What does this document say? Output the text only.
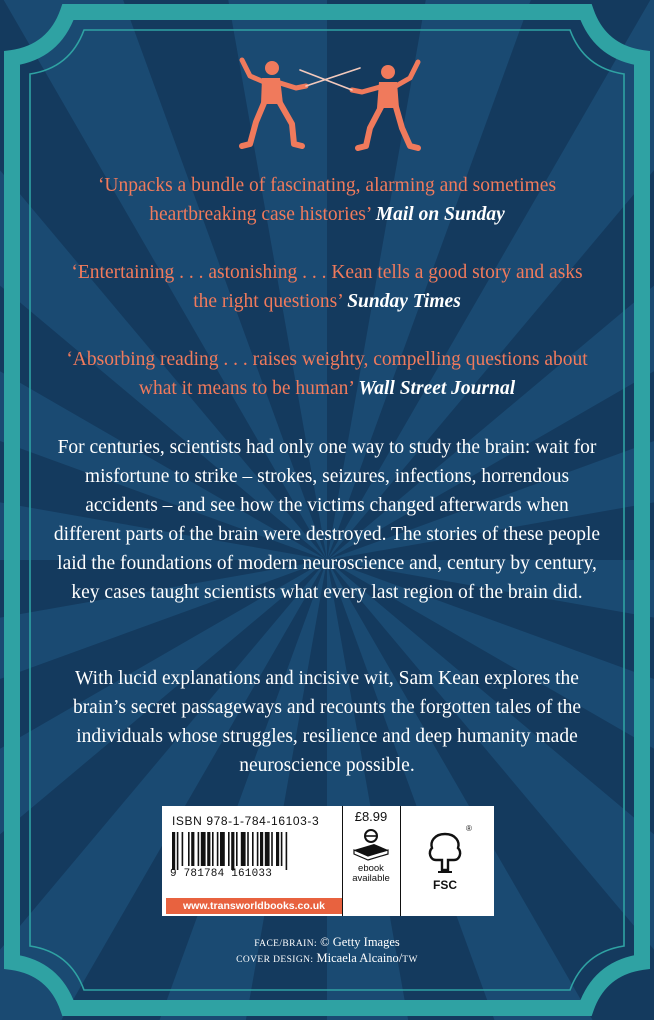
‘Unpacks a bundle of fascinating, alarming and sometimes heartbreaking case histories’ Mail on Sunday
‘Entertaining . . . astonishing . . . Kean tells a good story and asks the right questions’ Sunday Times
‘Absorbing reading . . . raises weighty, compelling questions about what it means to be human’ Wall Street Journal
For centuries, scientists had only one way to study the brain: wait for misfortune to strike – strokes, seizures, infections, horrendous accidents – and see how the victims changed afterwards when different parts of the brain were destroyed. The stories of these people laid the foundations of modern neuroscience and, century by century, key cases taught scientists what every last region of the brain did.
With lucid explanations and incisive wit, Sam Kean explores the brain’s secret passageways and recounts the forgotten tales of the individuals whose struggles, resilience and deep humanity made neuroscience possible.
ISBN 978-1-784-16103-3
9 781784 161033
www.transworldbooks.co.uk
£8.99
ebook available
®
FSC
FACE/BRAIN: © Getty Images
COVER DESIGN: Micaela Alcaino/TW
